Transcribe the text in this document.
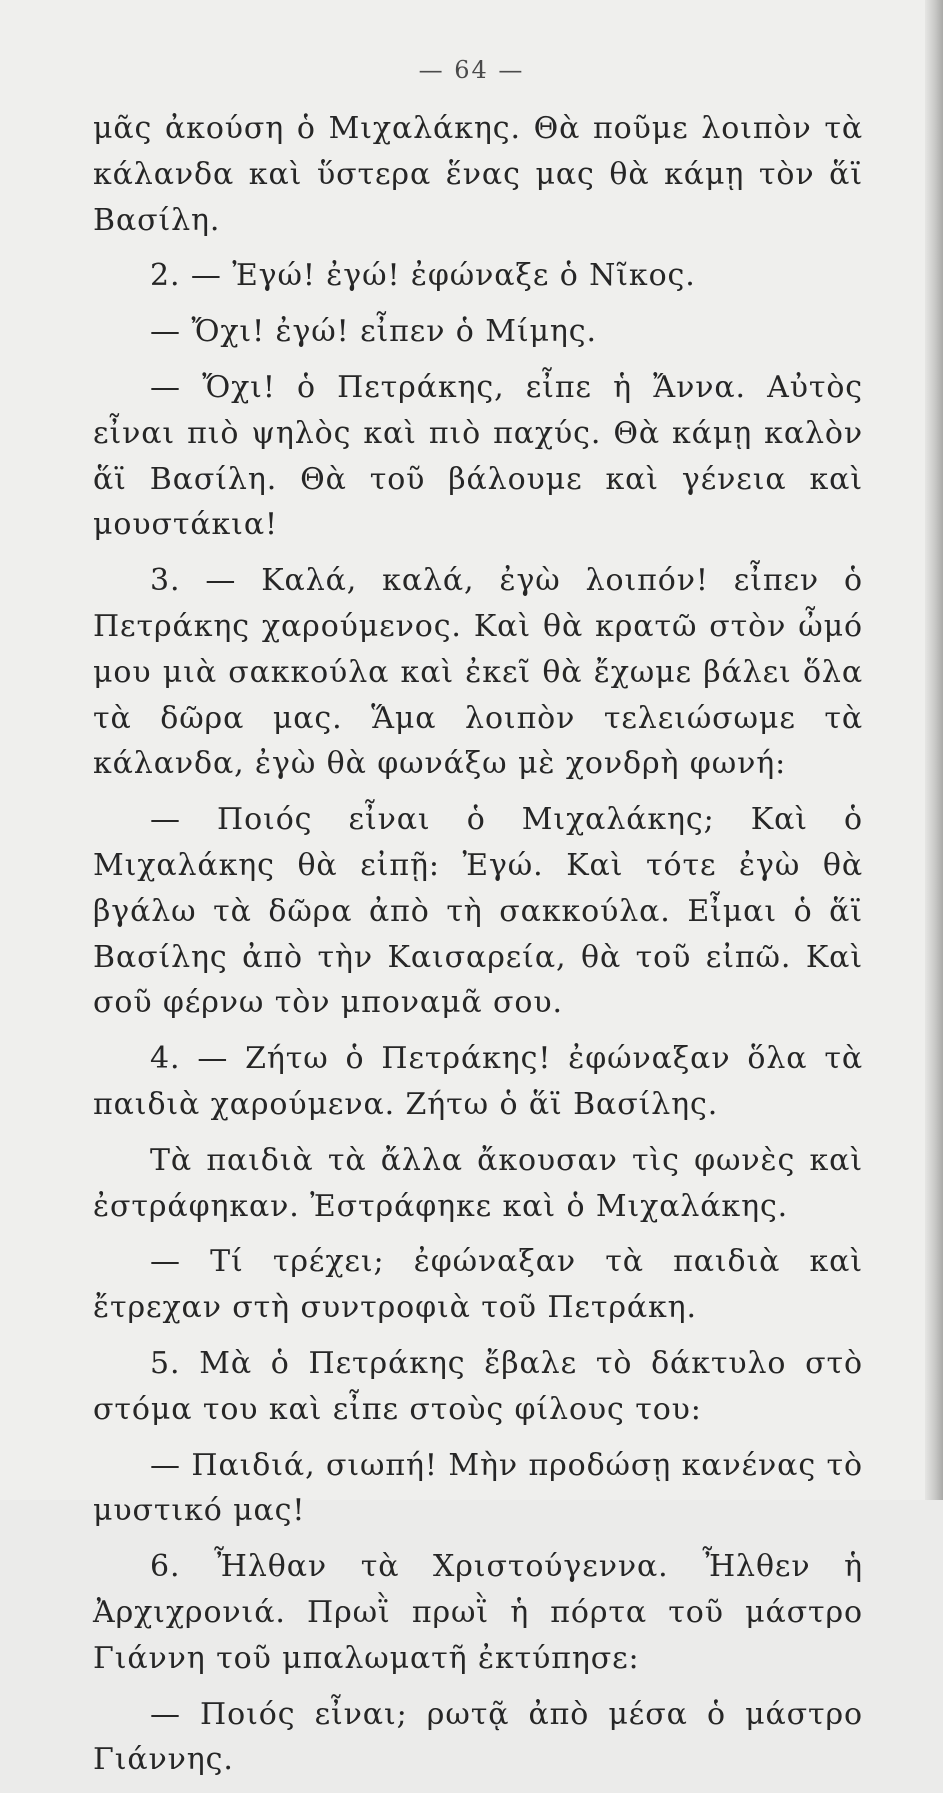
— 64 —

μᾶς ἀκούση ὁ Μιχαλάκης. Θὰ ποῦμε λοιπὸν τὰ κάλανδα καὶ ὕστερα ἕνας μας θὰ κάμῃ τὸν ἅϊ Βασίλη.

2. — Ἐγώ! ἐγώ! ἐφώναξε ὁ Νῖκος.

— Ὄχι! ἐγώ! εἶπεν ὁ Μίμης.

— Ὄχι! ὁ Πετράκης, εἶπε ἡ Ἄννα. Αὐτὸς εἶναι πιὸ ψηλὸς καὶ πιὸ παχύς. Θὰ κάμῃ καλὸν ἅϊ Βασίλη. Θὰ τοῦ βάλουμε καὶ γένεια καὶ μουστάκια!

3. — Καλά, καλά, ἐγὼ λοιπόν! εἶπεν ὁ Πετράκης χαρούμενος. Καὶ θὰ κρατῶ στὸν ὦμό μου μιὰ σακκούλα καὶ ἐκεῖ θὰ ἔχωμε βάλει ὅλα τὰ δῶρα μας. Ἅμα λοιπὸν τελειώσωμε τὰ κάλανδα, ἐγὼ θὰ φωνάξω μὲ χονδρὴ φωνή:

— Ποιός εἶναι ὁ Μιχαλάκης; Καὶ ὁ Μιχαλάκης θὰ εἰπῇ: Ἐγώ. Καὶ τότε ἐγὼ θὰ βγάλω τὰ δῶρα ἀπὸ τὴ σακκούλα. Εἶμαι ὁ ἅϊ Βασίλης ἀπὸ τὴν Καισαρεία, θὰ τοῦ εἰπῶ. Καὶ σοῦ φέρνω τὸν μποναμᾶ σου.

4. — Ζήτω ὁ Πετράκης! ἐφώναξαν ὅλα τὰ παιδιὰ χαρούμενα. Ζήτω ὁ ἅϊ Βασίλης.

Τὰ παιδιὰ τὰ ἄλλα ἄκουσαν τὶς φωνὲς καὶ ἐστράφηκαν. Ἐστράφηκε καὶ ὁ Μιχαλάκης.

— Τί τρέχει; ἐφώναξαν τὰ παιδιὰ καὶ ἔτρεχαν στὴ συντροφιὰ τοῦ Πετράκη.

5. Μὰ ὁ Πετράκης ἔβαλε τὸ δάκτυλο στὸ στόμα του καὶ εἶπε στοὺς φίλους του:

— Παιδιά, σιωπή! Μὴν προδώσῃ κανένας τὸ μυστικό μας!

6. Ἦλθαν τὰ Χριστούγεννα. Ἦλθεν ἡ Ἀρχιχρονιά. Πρωῒ πρωῒ ἡ πόρτα τοῦ μάστρο Γιάννη τοῦ μπαλωματῆ ἐκτύπησε:

— Ποιός εἶναι; ρωτᾷ ἀπὸ μέσα ὁ μάστρο Γιάννης.
